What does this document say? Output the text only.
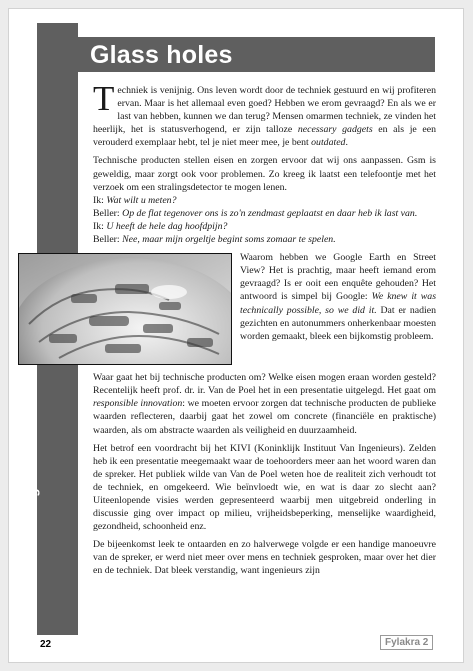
Glass holes
columnFrans Kingma

Techniek is venijnig. Ons leven wordt door de techniek gestuurd en wij profiteren ervan. Maar is het allemaal even goed? Hebben we erom gevraagd? En als we er last van hebben, kunnen we dan terug? Mensen omarmen techniek, ze vinden het heerlijk, het is statusverhogend, er zijn talloze necessary gadgets en als je een verouderd exemplaar hebt, tel je niet meer mee, je bent outdated.

Technische producten stellen eisen en zorgen ervoor dat wij ons aanpassen. Gsm is geweldig, maar zorgt ook voor problemen. Zo kreeg ik laatst een telefoontje met het verzoek om een stralingsdetector te mogen lenen.

Ik: Wat wilt u meten?
Beller: Op de flat tegenover ons is zo'n zendmast geplaatst en daar heb ik last van.
Ik: U heeft de hele dag hoofdpijn?
Beller: Nee, maar mijn orgeltje begint soms zomaar te spelen.

Waarom hebben we Google Earth en Street View? Het is prachtig, maar heeft iemand erom gevraagd? Is er ooit een enquête gehouden? Het antwoord is simpel bij Google: We knew it was technically possible, so we did it. Dat er nadien gezichten en autonummers onherkenbaar moesten worden gemaakt, bleek een bijkomstig probleem.

Waar gaat het bij technische producten om? Welke eisen mogen eraan worden gesteld? Recentelijk heeft prof. dr. ir. Van de Poel het in een presentatie uitgelegd. Het gaat om responsible innovation: we moeten ervoor zorgen dat technische producten de publieke waarden reflecteren, daarbij gaat het zowel om concrete (financiële en praktische) waarden, als om abstracte waarden als veiligheid en duurzaamheid.

Het betrof een voordracht bij het KIVI (Koninklijk Instituut Van Ingenieurs). Zelden heb ik een presentatie meegemaakt waar de toehoorders meer aan het woord waren dan de spreker. Het publiek wilde van Van de Poel weten hoe de realiteit zich verhoudt tot de techniek, en omgekeerd. Wie beïnvloedt wie, en wat is daar zo slecht aan? Uiteenlopende visies werden gepresenteerd waarbij men uitgebreid onderling in discussie ging over impact op milieu, vrijheidsbeperking, menselijke waardigheid, gezondheid, schoonheid enz.

De bijeenkomst leek te ontaarden en zo halverwege volgde er een handige manoeuvre van de spreker, er werd niet meer over mens en techniek gesproken, maar over het dier en de techniek. Dat bleek verstandig, want ingenieurs zijn

22	Fylakra 2
